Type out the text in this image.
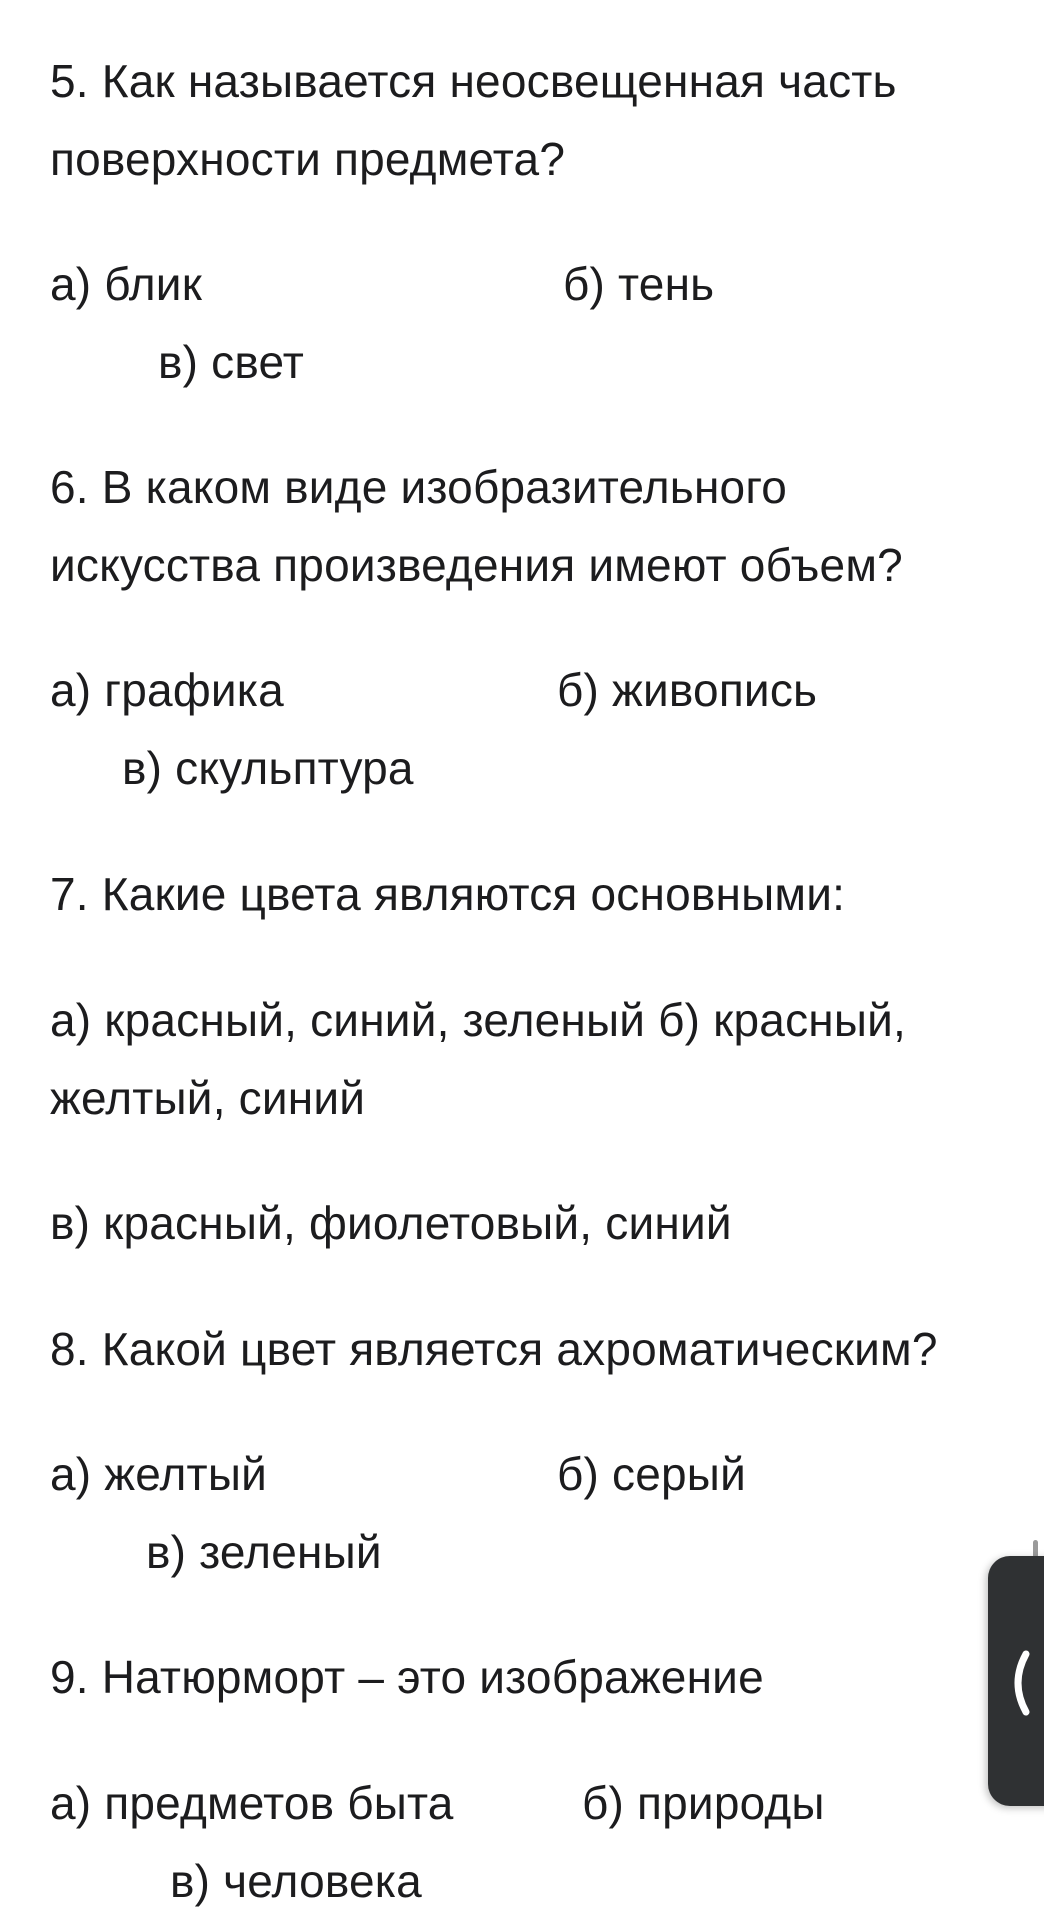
5. Как называется неосвещенная часть
поверхности предмета?
а) блик	б) тень
в) свет
6. В каком виде изобразительного
искусства произведения имеют объем?
а) графика	б) живопись
в) скульптура
7. Какие цвета являются основными:
а) красный, синий, зеленый б) красный,
желтый, синий
в) красный, фиолетовый, синий
8. Какой цвет является ахроматическим?
а) желтый	б) серый
в) зеленый
9. Натюрморт – это изображение
а) предметов быта	б) природы
в) человека
